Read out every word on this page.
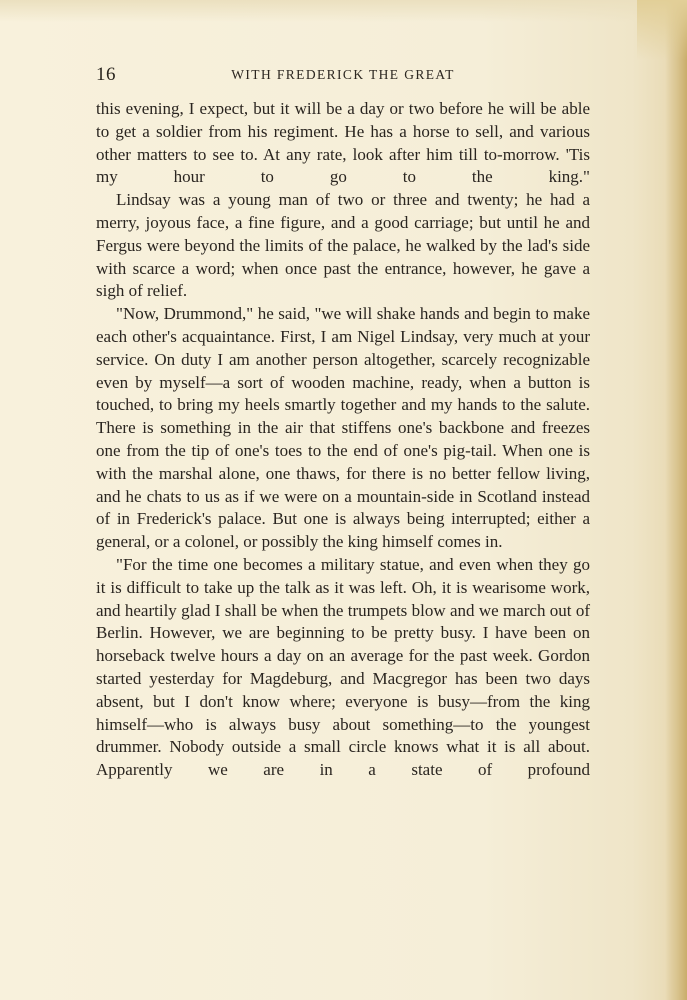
16	WITH FREDERICK THE GREAT

this evening, I expect, but it will be a day or two before he will be able to get a soldier from his regiment. He has a horse to sell, and various other matters to see to. At any rate, look after him till to-morrow. 'Tis my hour to go to the king."

Lindsay was a young man of two or three and twenty; he had a merry, joyous face, a fine figure, and a good carriage; but until he and Fergus were beyond the limits of the palace, he walked by the lad's side with scarce a word; when once past the entrance, however, he gave a sigh of relief.

"Now, Drummond," he said, "we will shake hands and begin to make each other's acquaintance. First, I am Nigel Lindsay, very much at your service. On duty I am another person altogether, scarcely recognizable even by myself—a sort of wooden machine, ready, when a button is touched, to bring my heels smartly together and my hands to the salute. There is something in the air that stiffens one's backbone and freezes one from the tip of one's toes to the end of one's pig-tail. When one is with the marshal alone, one thaws, for there is no better fellow living, and he chats to us as if we were on a mountain-side in Scotland instead of in Frederick's palace. But one is always being interrupted; either a general, or a colonel, or possibly the king himself comes in.

"For the time one becomes a military statue, and even when they go it is difficult to take up the talk as it was left. Oh, it is wearisome work, and heartily glad I shall be when the trumpets blow and we march out of Berlin. However, we are beginning to be pretty busy. I have been on horseback twelve hours a day on an average for the past week. Gordon started yesterday for Magdeburg, and Macgregor has been two days absent, but I don't know where; everyone is busy—from the king himself—who is always busy about something—to the youngest drummer. Nobody outside a small circle knows what it is all about. Apparently we are in a state of profound
